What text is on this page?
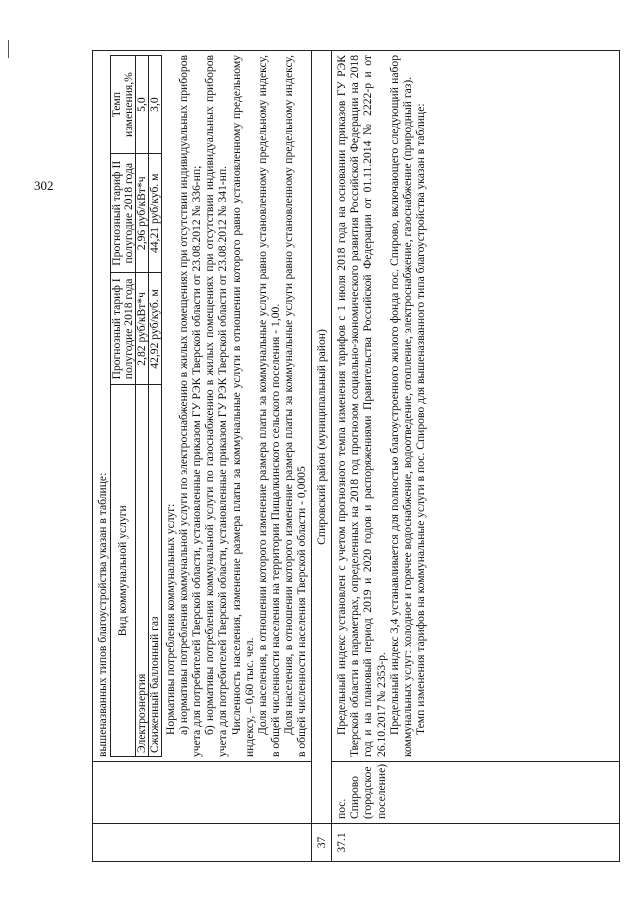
302

вышеназванных типов благоустройства указан в таблице: Вид коммунальной услуги	Прогнозный тариф I полугодие 2018 года	Прогнозный тариф II полугодие 2018 года	Темп изменения,%
Электроэнергия	2,82 руб/кВт*ч	2,96 руб/кВт*ч	5,0
Сжиженный баллонный газ	42,92 руб/куб. м	44,21 руб/куб. м	3,0

Нормативы потребления коммунальных услуг: а) нормативы потребления коммунальной услуги по электроснабжению в жилых помещениях при отсутствии индивидуальных приборов учета для потребителей Тверской области, установленные приказом ГУ РЭК Тверской области от 23.08.2012 № 336-нп; б) нормативы потребления коммунальной услуги по газоснабжению в жилых помещениях при отсутствии индивидуальных приборов учета для потребителей Тверской области, установленные приказом ГУ РЭК Тверской области от 23.08.2012 № 341-нп. Численность населения, изменение размера платы за коммунальные услуги в отношении которого равно установленному предельному индексу, – 0,60 тыс. чел. Доля населения, в отношении которого изменение размера платы за коммунальные услуги равно установленному предельному индексу, в общей численности населения на территории Пищалкинского сельского поселения - 1,00. Доля населения, в отношении которого изменение размера платы за коммунальные услуги равно установленному предельному индексу, в общей численности населения Тверской области - 0,0005

37	Спировский район (муниципальный район)
37.1	пос. Спирово (городское поселение)	

Предельный индекс установлен с учетом прогнозного темпа изменения тарифов с 1 июля 2018 года на основании приказов ГУ РЭК Тверской области в параметрах, определенных на 2018 год прогнозом социально-экономического развития Российской Федерации на 2018 год и на плановый период 2019 и 2020 годов и распоряжениями Правительства Российской Федерации от 01.11.2014 № 2222-р и от 26.10.2017 № 2353-р. Предельный индекс 3,4 устанавливается для полностью благоустроенного жилого фонда пос. Спирово, включающего следующий набор коммунальных услуг: холодное и горячее водоснабжение, водоотведение, отопление, электроснабжение, газоснабжение (природный газ). Темп изменения тарифов на коммунальные услуги в пос. Спирово для вышеназванного типа благоустройства указан в таблице:
